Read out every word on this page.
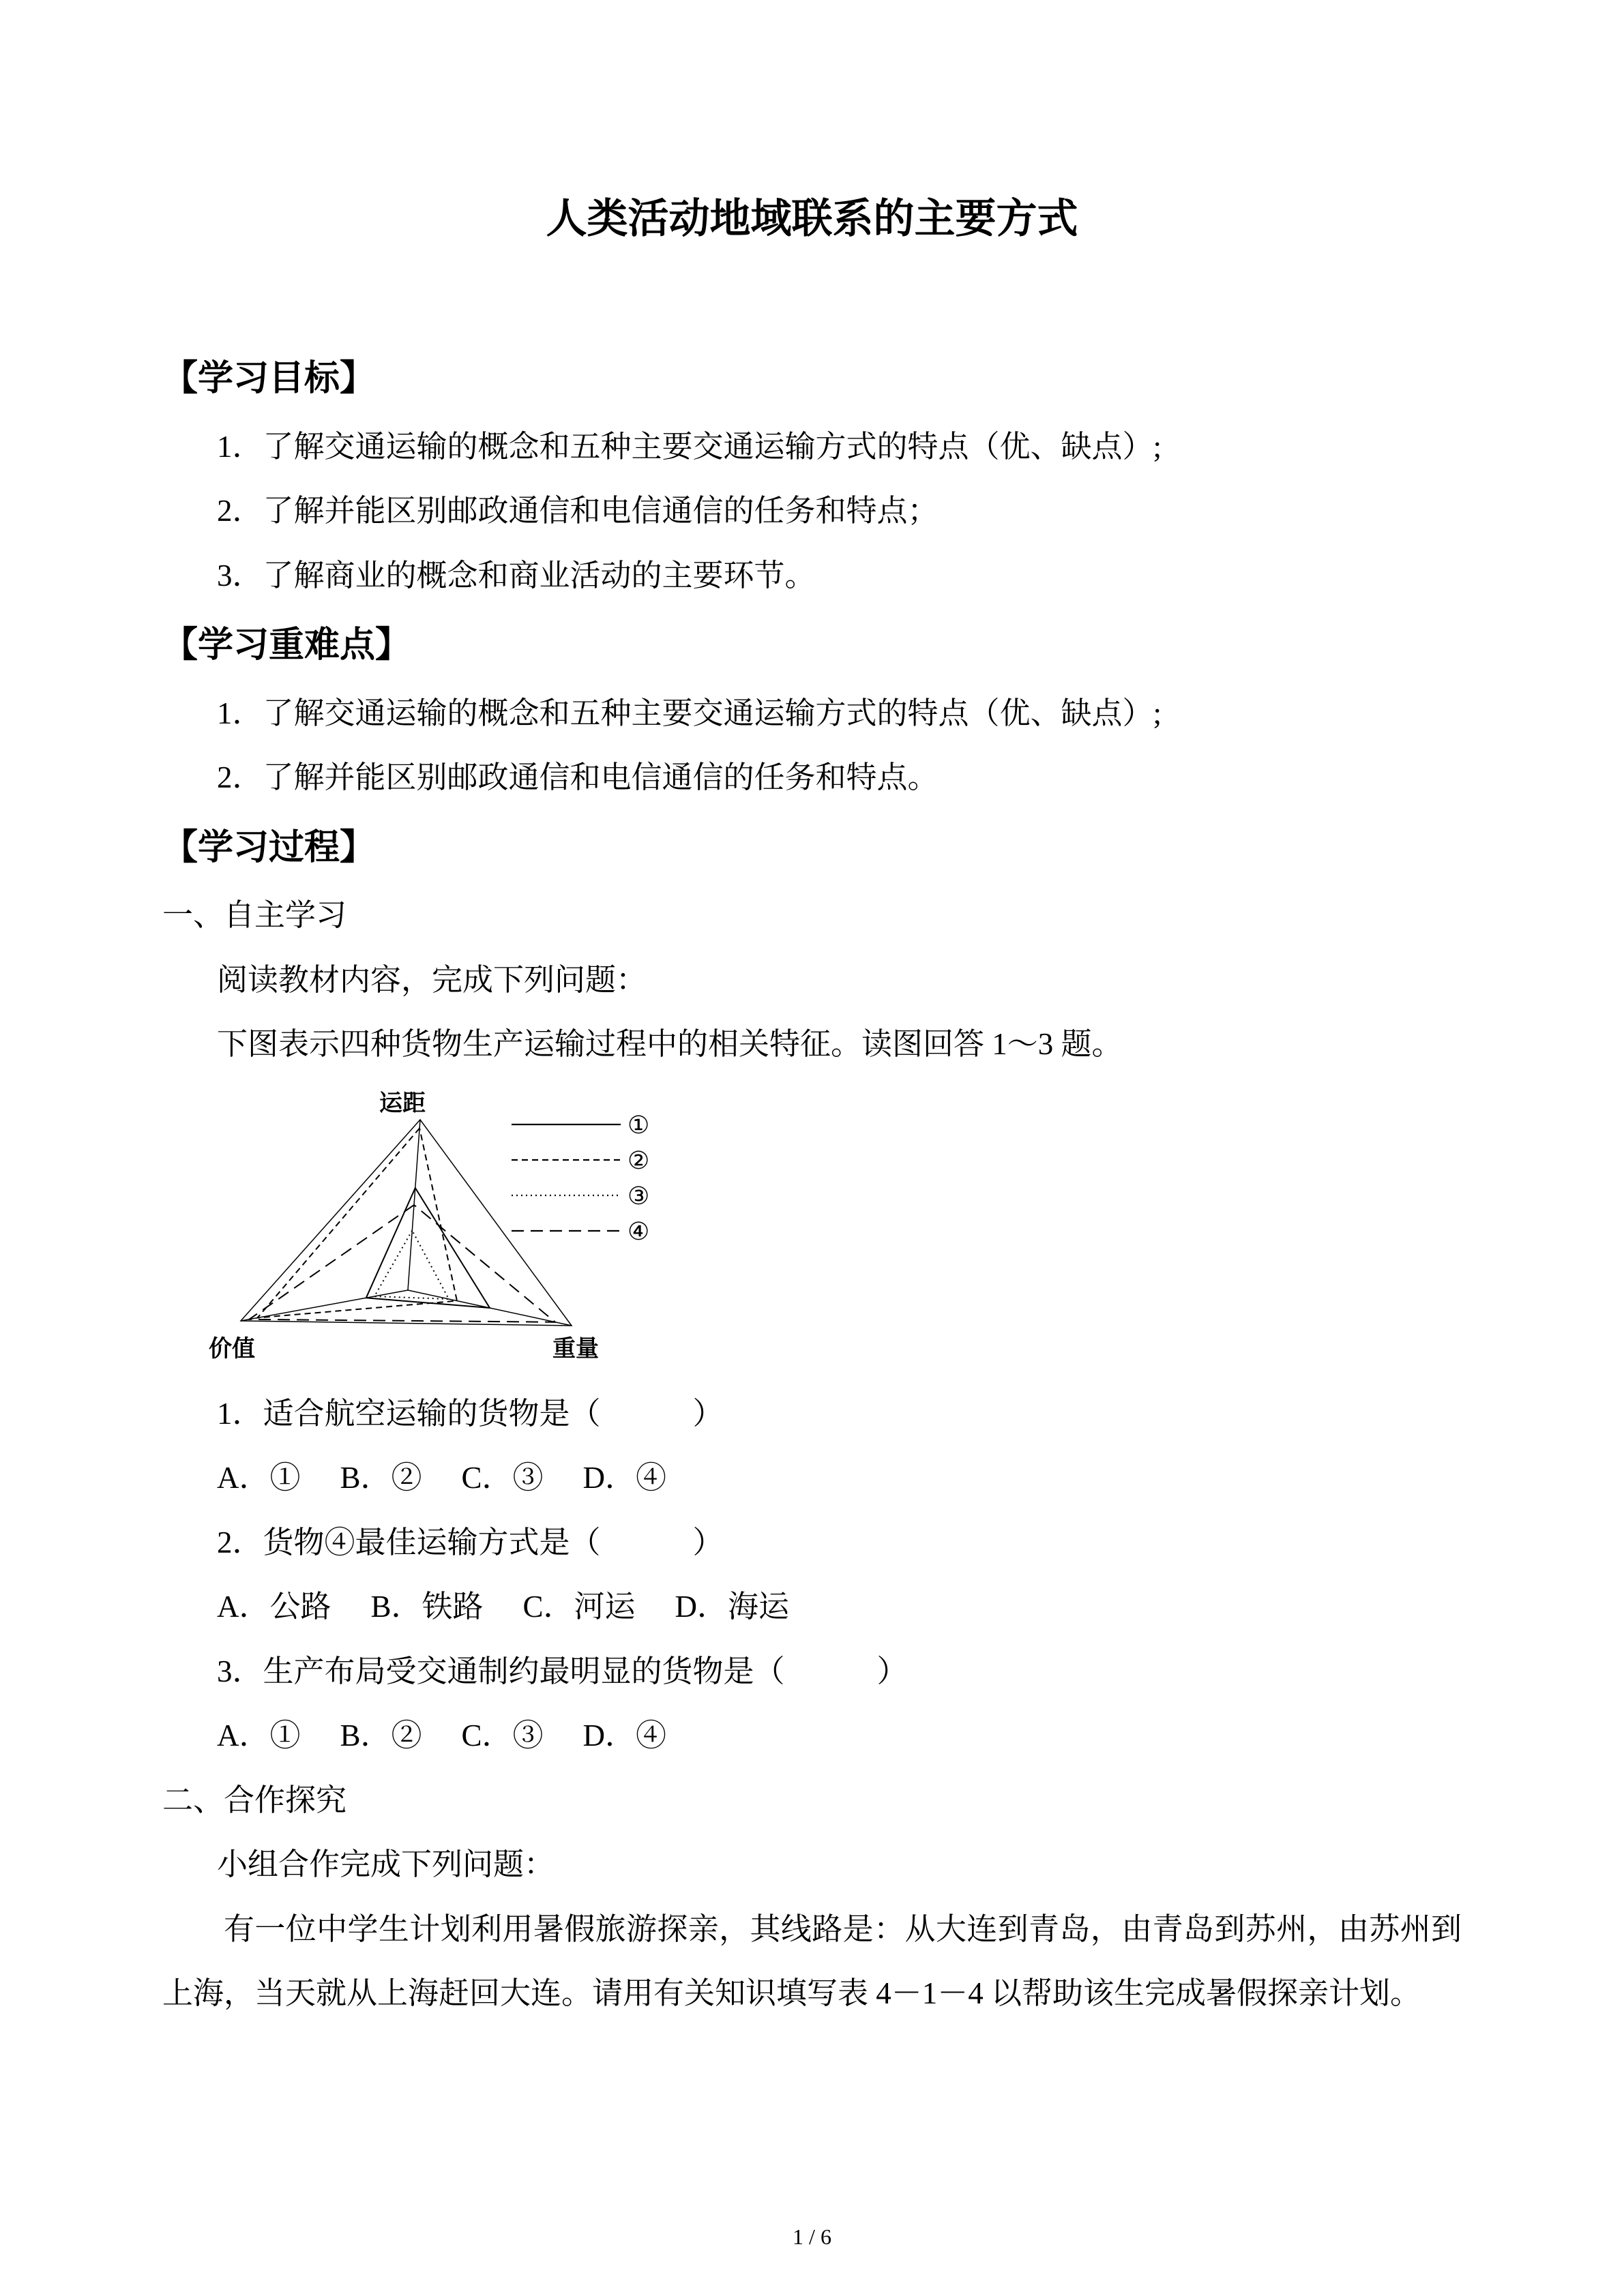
人类活动地域联系的主要方式
【学习目标】

1．了解交通运输的概念和五种主要交通运输方式的特点（优、缺点）;

2．了解并能区别邮政通信和电信通信的任务和特点；

3．了解商业的概念和商业活动的主要环节。

【学习重难点】

1．了解交通运输的概念和五种主要交通运输方式的特点（优、缺点）;

2．了解并能区别邮政通信和电信通信的任务和特点。

【学习过程】

一、自主学习

阅读教材内容，完成下列问题：

下图表示四种货物生产运输过程中的相关特征。读图回答 1～3 题。

运距
价值	重量
①
②
③
④

1．适合航空运输的货物是（　　　）

A．① B．② C．③ D．④

2．货物④最佳运输方式是（　　　）

A．公路 B．铁路 C．河运 D．海运

3．生产布局受交通制约最明显的货物是（　　　）

A．① B．② C．③ D．④

二、合作探究

小组合作完成下列问题：

有一位中学生计划利用暑假旅游探亲，其线路是：从大连到青岛，由青岛到苏州，由苏州到上海，当天就从上海赶回大连。请用有关知识填写表 4－1－4 以帮助该生完成暑假探亲计划。

1 / 6
